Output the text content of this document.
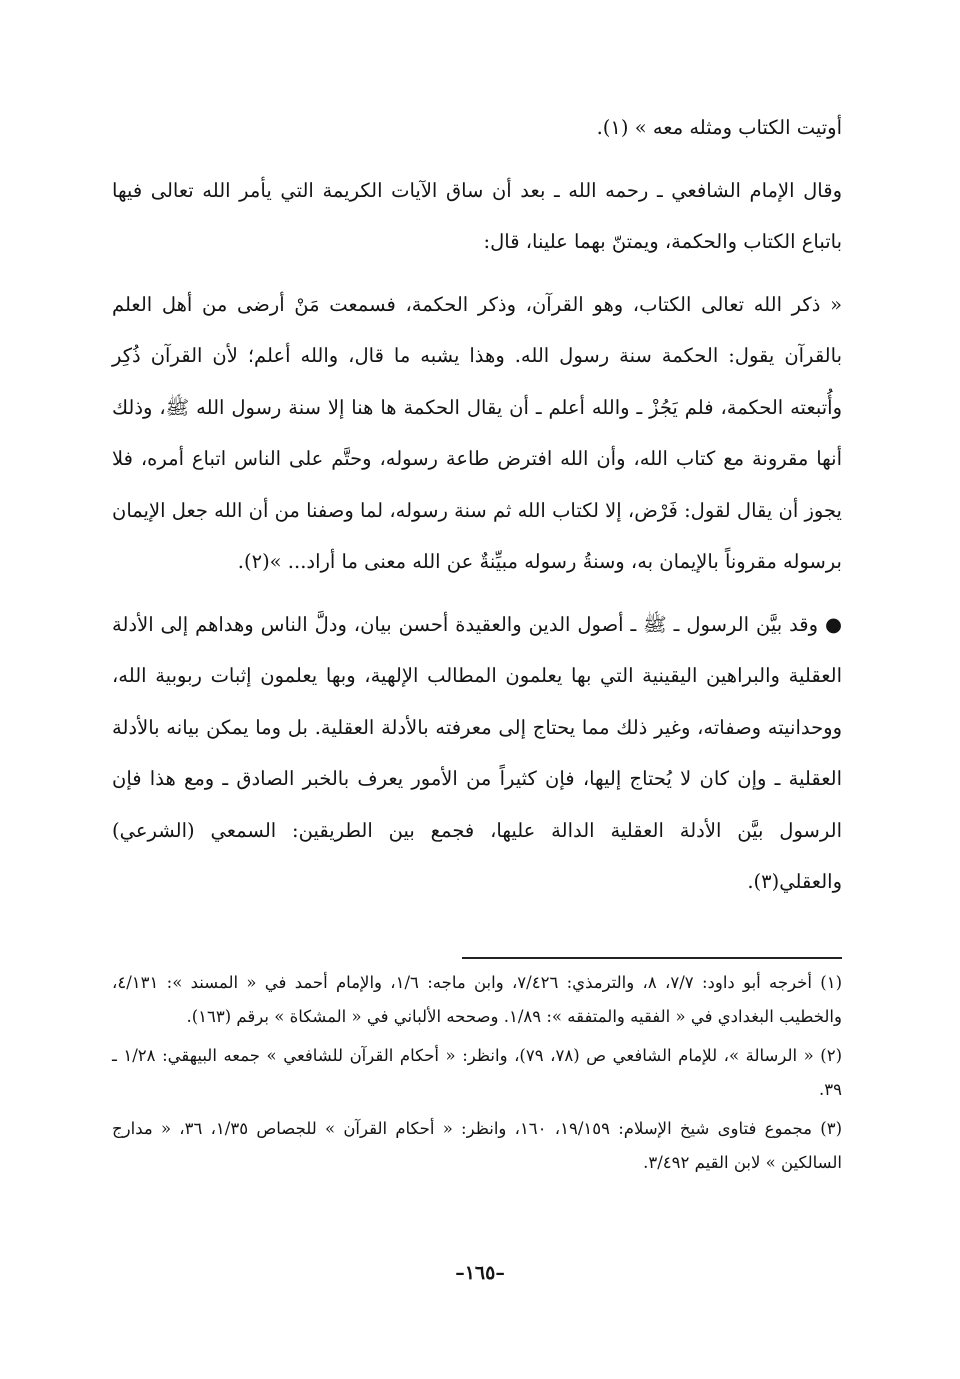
أوتيت الكتاب ومثله معه » (١).

وقال الإمام الشافعي ـ رحمه الله ـ بعد أن ساق الآيات الكريمة التي يأمر الله تعالى فيها باتباع الكتاب والحكمة، ويمتنّ بهما علينا، قال:

« ذكر الله تعالى الكتاب، وهو القرآن، وذكر الحكمة، فسمعت مَنْ أرضى من أهل العلم بالقرآن يقول: الحكمة سنة رسول الله. وهذا يشبه ما قال، والله أعلم؛ لأن القرآن ذُكِر وأُتبعته الحكمة، فلم يَجُزْ ـ والله أعلم ـ أن يقال الحكمة ها هنا إلا سنة رسول الله ﷺ، وذلك أنها مقرونة مع كتاب الله، وأن الله افترض طاعة رسوله، وحتَّم على الناس اتباع أمره، فلا يجوز أن يقال لقول: فَرْض، إلا لكتاب الله ثم سنة رسوله، لما وصفنا من أن الله جعل الإيمان برسوله مقروناً بالإيمان به، وسنةُ رسوله مبيِّنةٌ عن الله معنى ما أراد... »(٢).

● وقد بيَّن الرسول ـ ﷺ ـ أصول الدين والعقيدة أحسن بيان، ودلَّ الناس وهداهم إلى الأدلة العقلية والبراهين اليقينية التي بها يعلمون المطالب الإلهية، وبها يعلمون إثبات ربوبية الله، ووحدانيته وصفاته، وغير ذلك مما يحتاج إلى معرفته بالأدلة العقلية. بل وما يمكن بيانه بالأدلة العقلية ـ وإن كان لا يُحتاج إليها، فإن كثيراً من الأمور يعرف بالخبر الصادق ـ ومع هذا فإن الرسول بيَّن الأدلة العقلية الدالة عليها، فجمع بين الطريقين: السمعي (الشرعي) والعقلي(٣).

(١) أخرجه أبو داود: ٧/٧، ٨، والترمذي: ٧/٤٢٦، وابن ماجه: ١/٦، والإمام أحمد في « المسند »: ٤/١٣١، والخطيب البغدادي في « الفقيه والمتفقه »: ١/٨٩. وصححه الألباني في « المشكاة » برقم (١٦٣).

(٢) « الرسالة »، للإمام الشافعي ص (٧٨، ٧٩)، وانظر: « أحكام القرآن للشافعي » جمعه البيهقي: ١/٢٨ ـ ٣٩.

(٣) مجموع فتاوى شيخ الإسلام: ١٩/١٥٩، ١٦٠، وانظر: « أحكام القرآن » للجصاص ١/٣٥، ٣٦، « مدارج السالكين » لابن القيم ٣/٤٩٢.

–١٦٥–
